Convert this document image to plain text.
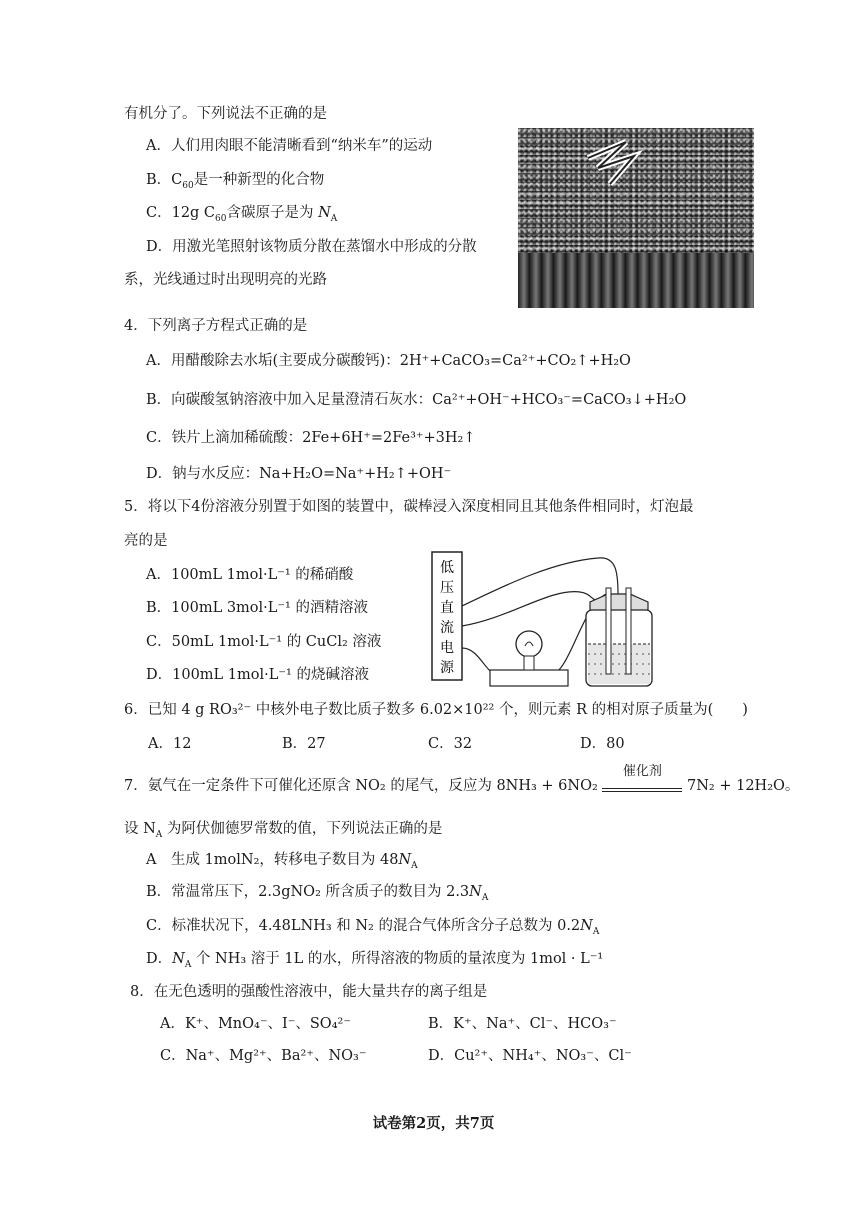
有机分了。下列说法不正确的是
A．人们用肉眼不能清晰看到“纳米车”的运动
B．$C_{60}$是一种新型的化合物
C．12g $C_{60}$含碳原子是为 $N_A$
D．用激光笔照射该物质分散在蒸馏水中形成的分散
系，光线通过时出现明亮的光路
4．下列离子方程式正确的是
A．用醋酸除去水垢(主要成分碳酸钙)：2H⁺+CaCO₃=Ca²⁺+CO₂↑+H₂O
B．向碳酸氢钠溶液中加入足量澄清石灰水：Ca²⁺+OH⁻+HCO₃⁻=CaCO₃↓+H₂O
C．铁片上滴加稀硫酸：2Fe+6H⁺=2Fe³⁺+3H₂↑
D．钠与水反应：Na+H₂O=Na⁺+H₂↑+OH⁻
5．将以下4份溶液分别置于如图的装置中，碳棒浸入深度相同且其他条件相同时，灯泡最
亮的是
A．100mL 1mol·L⁻¹ 的稀硝酸
B．100mL 3mol·L⁻¹ 的酒精溶液
C．50mL 1mol·L⁻¹ 的 CuCl₂ 溶液
D．100mL 1mol·L⁻¹ 的烧碱溶液
低
压
直
流
电
源
6．已知 4 g RO₃²⁻ 中核外电子数比质子数多 6.02×10²² 个，则元素 R 的相对原子质量为(　　)
A．12	B．27	C．32	D．80
7．氨气在一定条件下可催化还原含 NO₂ 的尾气，反应为 8NH₃ + 6NO₂
催化剂
7N₂ + 12H₂O。
设 $N_A$ 为阿伏伽德罗常数的值，下列说法正确的是
A　生成 1molN₂，转移电子数目为 $48N_A$
B．常温常压下，2.3gNO₂ 所含质子的数目为 $2.3N_A$
C．标准状况下，4.48LNH₃ 和 N₂ 的混合气体所含分子总数为 $0.2N_A$
D．$N_A$ 个 NH₃ 溶于 1L 的水，所得溶液的物质的量浓度为 1mol · L⁻¹
8．在无色透明的强酸性溶液中，能大量共存的离子组是
A．K⁺、MnO₄⁻、I⁻、SO₄²⁻	B．K⁺、Na⁺、Cl⁻、HCO₃⁻
C．Na⁺、Mg²⁺、Ba²⁺、NO₃⁻	D．Cu²⁺、NH₄⁺、NO₃⁻、Cl⁻
试卷第2页，共7页
